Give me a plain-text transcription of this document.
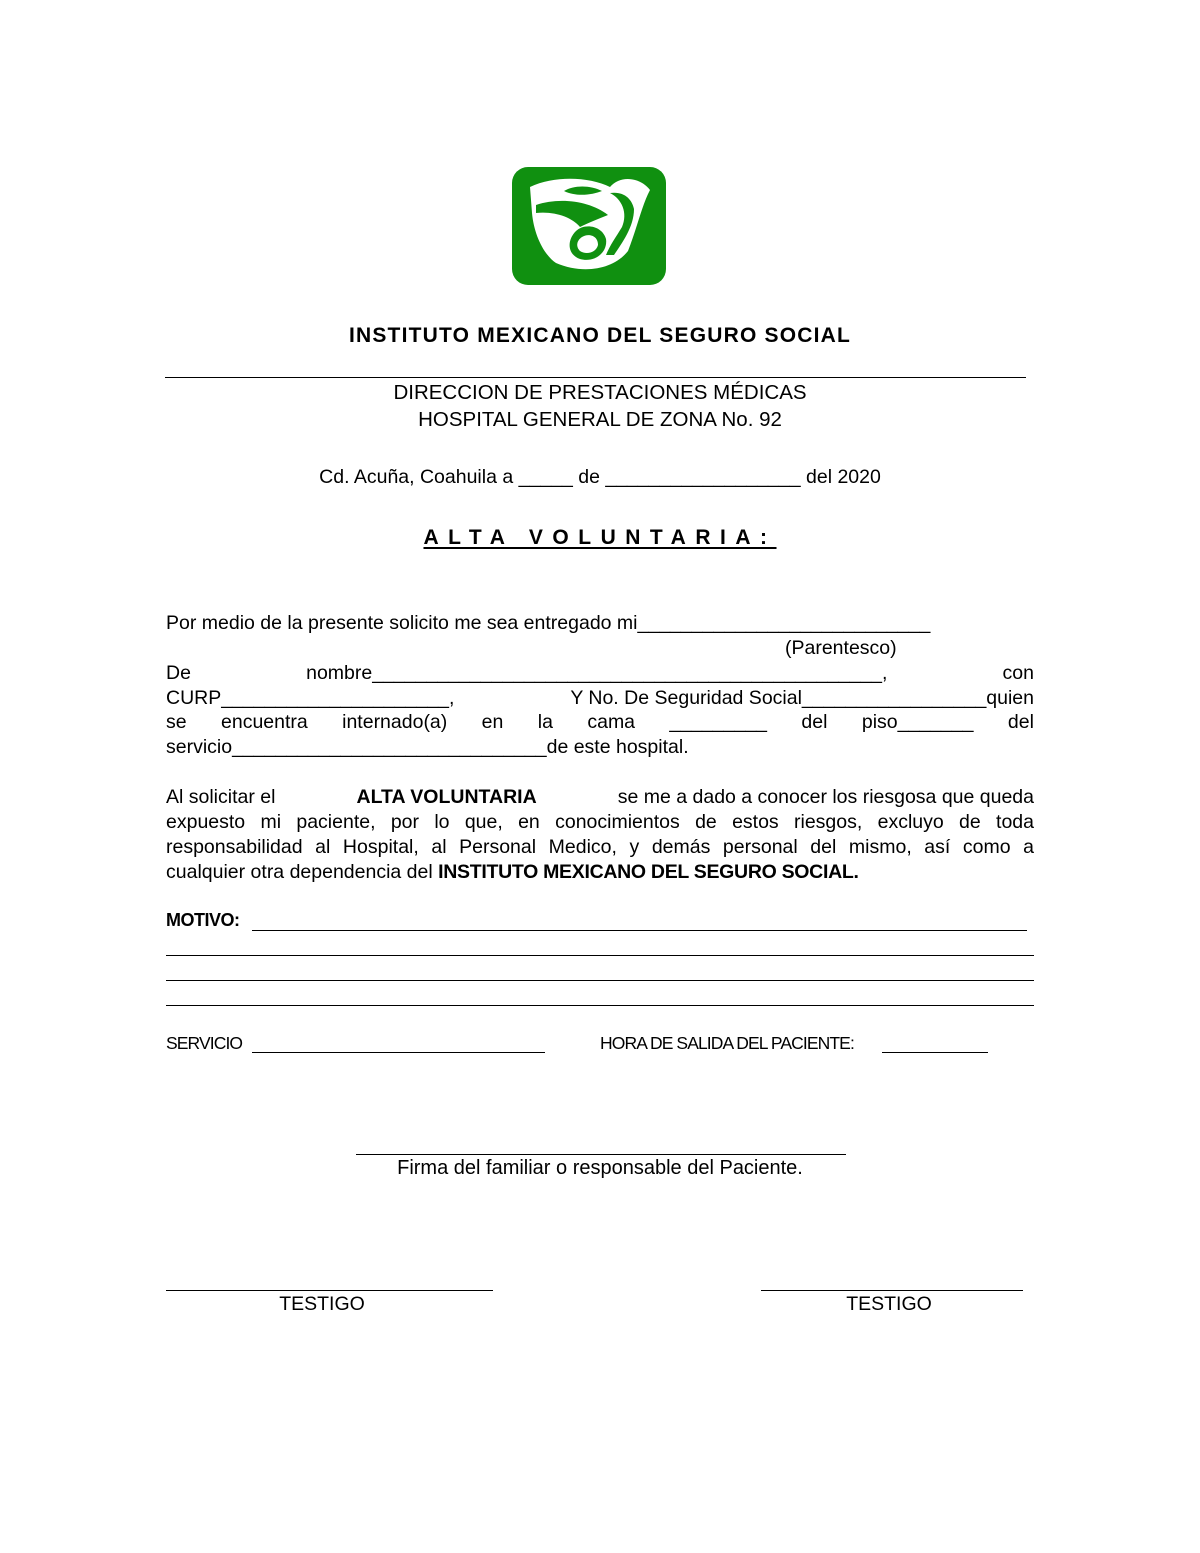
INSTITUTO MEXICANO DEL SEGURO SOCIAL
DIRECCION DE PRESTACIONES MÉDICAS
HOSPITAL GENERAL DE ZONA No. 92
Cd. Acuña, Coahuila a _____ de __________________ del 2020
ALTA VOLUNTARIA:
Por medio de la presente solicito me sea entregado mi___________________________
(Parentesco)
De	nombre_______________________________________________,	con
CURP_____________________,	Y No. De Seguridad Social_________________quien
se encuentra internado(a) en la cama _________ del piso_______ del
servicio_____________________________de este hospital.
Al solicitar el	ALTA VOLUNTARIA	se me a dado a conocer los riesgosa que queda
expuesto mi paciente, por lo que, en conocimientos de estos riesgos, excluyo de toda
responsabilidad al Hospital, al Personal Medico, y demás personal del mismo, así como a
cualquier otra dependencia del INSTITUTO MEXICANO DEL SEGURO SOCIAL.
MOTIVO:
SERVICIO	HORA DE SALIDA DEL PACIENTE:
Firma del familiar o responsable del Paciente.
TESTIGO	TESTIGO
